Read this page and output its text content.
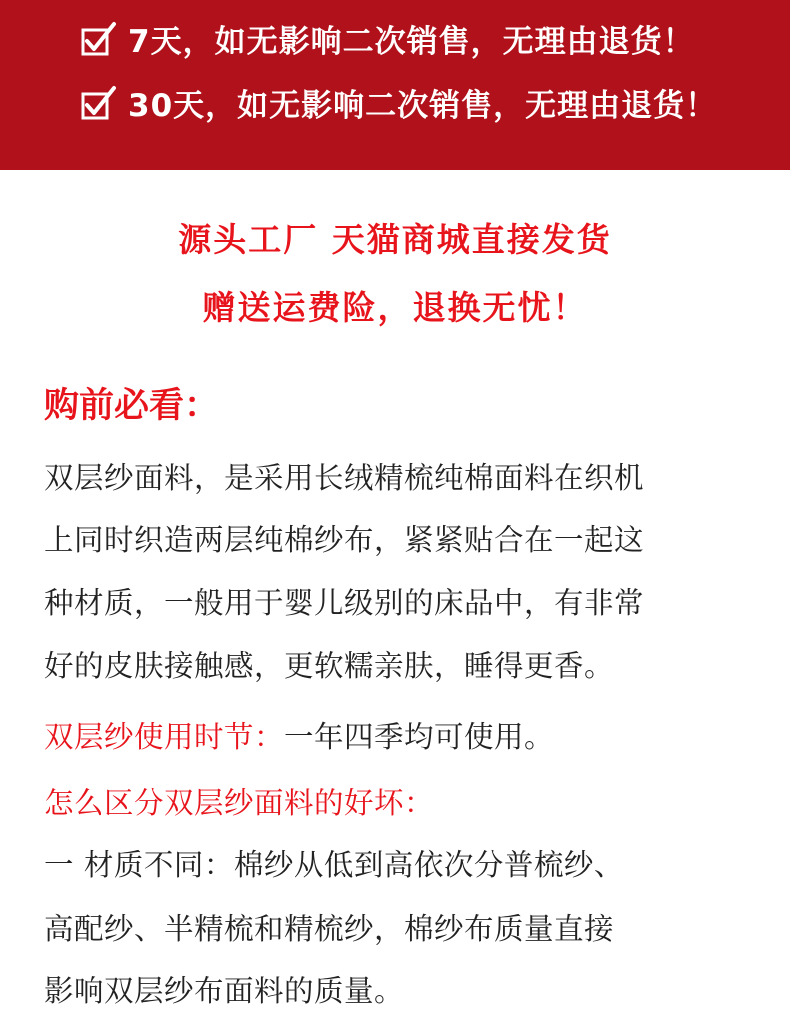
7天，如无影响二次销售，无理由退货！
30天，如无影响二次销售，无理由退货！
源头工厂 天猫商城直接发货
赠送运费险，退换无忧！
购前必看：
双层纱面料，是采用长绒精梳纯棉面料在织机
上同时织造两层纯棉纱布，紧紧贴合在一起这
种材质，一般用于婴儿级别的床品中，有非常
好的皮肤接触感，更软糯亲肤，睡得更香。
双层纱使用时节：一年四季均可使用。
怎么区分双层纱面料的好坏：
一 材质不同：棉纱从低到高依次分普梳纱、
高配纱、半精梳和精梳纱，棉纱布质量直接
影响双层纱布面料的质量。
